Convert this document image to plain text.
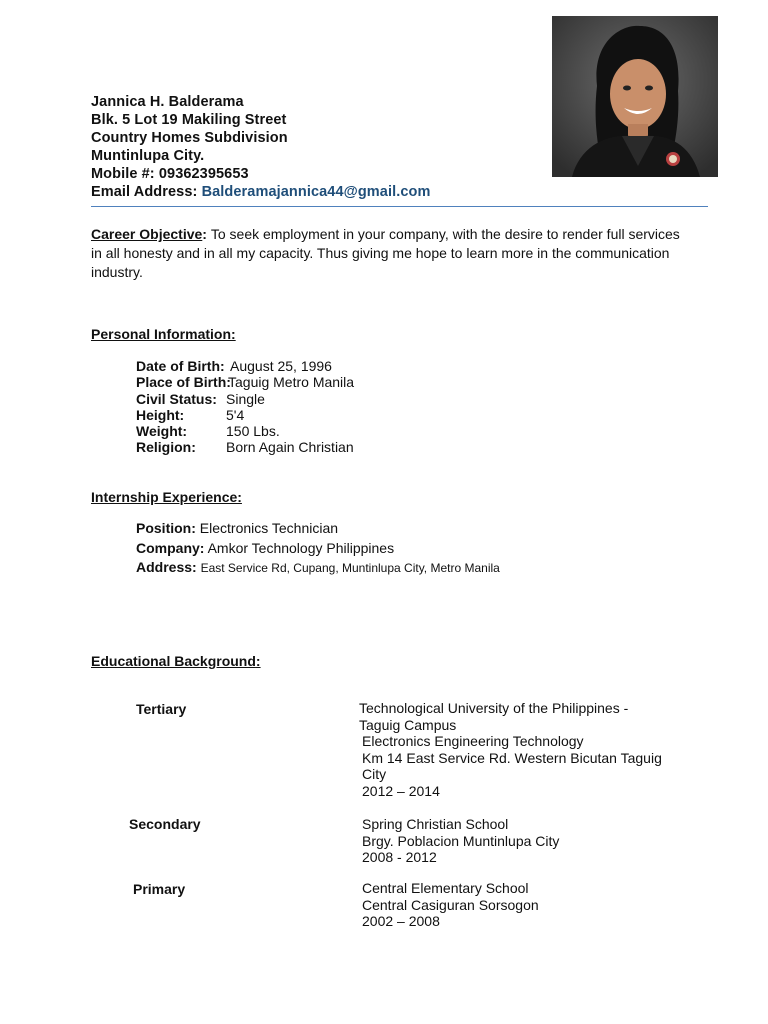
Jannica H. Balderama
Blk. 5 Lot 19 Makiling Street
Country Homes Subdivision
Muntinlupa City.
Mobile #: 09362395653
Email Address: Balderamajannica44@gmail.com
Career Objective: To seek employment in your company, with the desire to render full services in all honesty and in all my capacity. Thus giving me hope to learn more in the communication industry.
Personal Information:
Date of Birth: August 25, 1996
Place of Birth:
Taguig Metro Manila
Civil Status: Single
Height:	5'4
Weight:	150 Lbs.
Religion:	Born Again Christian
Internship Experience:
Position: Electronics Technician
Company: Amkor Technology Philippines
Address: East Service Rd, Cupang, Muntinlupa City, Metro Manila
Educational Background:
Tertiary	Technological University of the Philippines -
Taguig Campus
Electronics Engineering Technology
Km 14 East Service Rd. Western Bicutan Taguig
City
2012 – 2014
Secondary	Spring Christian School
Brgy. Poblacion Muntinlupa City
2008 - 2012
Primary	Central Elementary School
Central Casiguran Sorsogon
2002 – 2008
